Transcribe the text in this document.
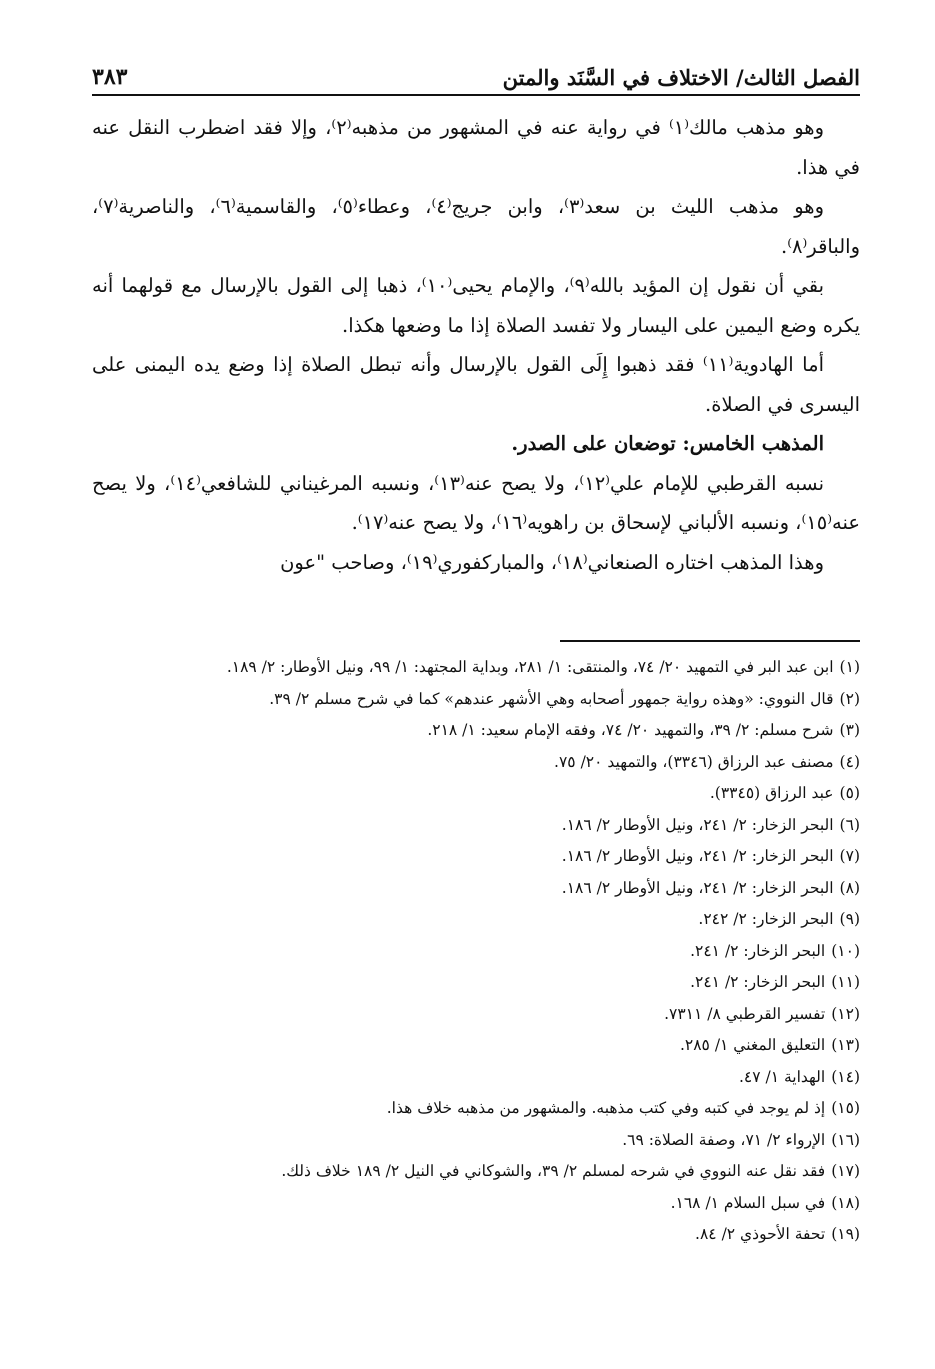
الفصل الثالث/ الاختلاف في السَّنَد والمتن
٣٨٣

وهو مذهب مالك⁽١⁾ في رواية عنه في المشهور من مذهبه⁽٢⁾، وإلا فقد اضطرب النقل عنه في هذا.

وهو مذهب الليث بن سعد⁽٣⁾، وابن جريج⁽٤⁾، وعطاء⁽٥⁾، والقاسمية⁽٦⁾، والناصرية⁽٧⁾، والباقر⁽٨⁾.

بقي أن نقول إن المؤيد بالله⁽٩⁾، والإمام يحيى⁽١٠⁾، ذهبا إلى القول بالإرسال مع قولهما أنه يكره وضع اليمين على اليسار ولا تفسد الصلاة إذا ما وضعها هكذا.

أما الهادوية⁽١١⁾ فقد ذهبوا إِلَى القول بالإرسال وأنه تبطل الصلاة إذا وضع يده اليمنى على اليسرى في الصلاة.

المذهب الخامس: توضعان على الصدر.

نسبه القرطبي للإمام علي⁽١٢⁾، ولا يصح عنه⁽١٣⁾، ونسبه المرغيناني للشافعي⁽١٤⁾، ولا يصح عنه⁽١٥⁾، ونسبه الألباني لإسحاق بن راهويه⁽١٦⁾، ولا يصح عنه⁽١٧⁾.

وهذا المذهب اختاره الصنعاني⁽١٨⁾، والمباركفوري⁽١٩⁾، وصاحب "عون

(١)ابن عبد البر في التمهيد ٢٠/ ٧٤، والمنتقى: ١/ ٢٨١، وبداية المجتهد: ١/ ٩٩، ونيل الأوطار: ٢/ ١٨٩.

(٢)قال النووي: «وهذه رواية جمهور أصحابه وهي الأشهر عندهم» كما في شرح مسلم ٢/ ٣٩.

(٣)شرح مسلم: ٢/ ٣٩، والتمهيد ٢٠/ ٧٤، وفقه الإمام سعيد: ١/ ٢١٨.

(٤)مصنف عبد الرزاق (٣٣٤٦)، والتمهيد ٢٠/ ٧٥.

(٥)عبد الرزاق (٣٣٤٥).

(٦)البحر الزخار: ٢/ ٢٤١، ونيل الأوطار ٢/ ١٨٦.

(٧)البحر الزخار: ٢/ ٢٤١، ونيل الأوطار ٢/ ١٨٦.

(٨)البحر الزخار: ٢/ ٢٤١، ونيل الأوطار ٢/ ١٨٦.

(٩)البحر الزخار: ٢/ ٢٤٢.

(١٠)البحر الزخار: ٢/ ٢٤١.

(١١)البحر الزخار: ٢/ ٢٤١.

(١٢)تفسير القرطبي ٨/ ٧٣١١.

(١٣)التعليق المغني ١/ ٢٨٥.

(١٤)الهداية ١/ ٤٧.

(١٥)إذ لم يوجد في كتبه وفي كتب مذهبه. والمشهور من مذهبه خلاف هذا.

(١٦)الإرواء ٢/ ٧١، وصفة الصلاة: ٦٩.

(١٧)فقد نقل عنه النووي في شرحه لمسلم ٢/ ٣٩، والشوكاني في النيل ٢/ ١٨٩ خلاف ذلك.

(١٨)في سبل السلام ١/ ١٦٨.

(١٩)تحفة الأحوذي ٢/ ٨٤.
